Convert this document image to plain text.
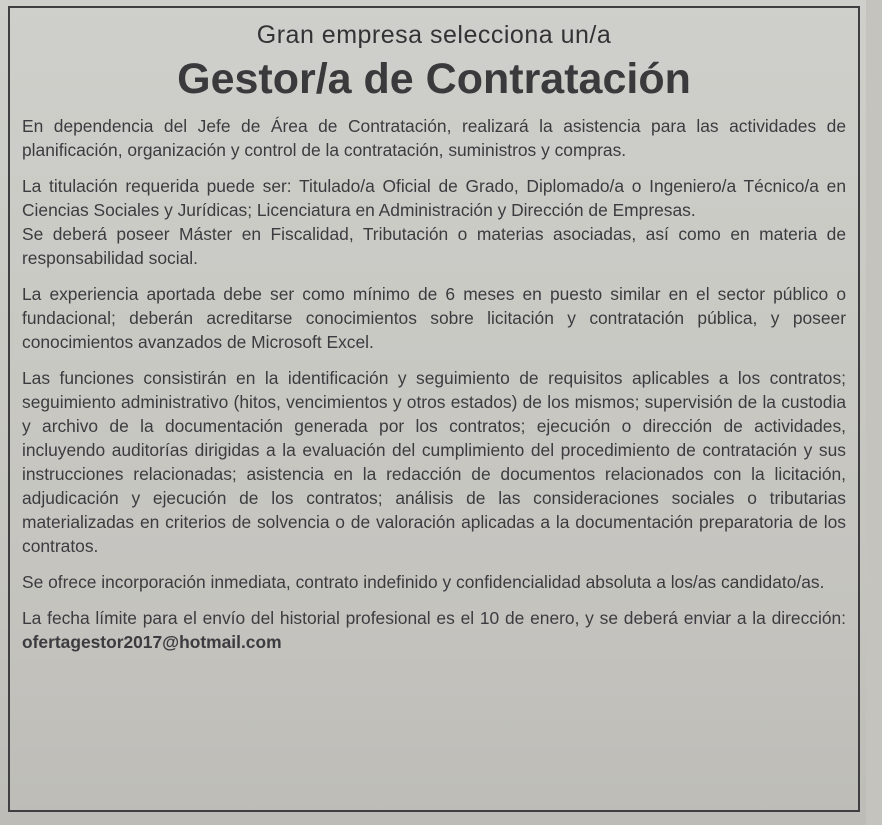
Gran empresa selecciona un/a

Gestor/a de Contratación

En dependencia del Jefe de Área de Contratación, realizará la asistencia para las actividades de planificación, organización y control de la contratación, suministros y compras.

La titulación requerida puede ser: Titulado/a Oficial de Grado, Diplomado/a o Ingeniero/a Técnico/a en Ciencias Sociales y Jurídicas; Licenciatura en Administración y Dirección de Empresas.
Se deberá poseer Máster en Fiscalidad, Tributación o materias asociadas, así como en materia de responsabilidad social.

La experiencia aportada debe ser como mínimo de 6 meses en puesto similar en el sector público o fundacional; deberán acreditarse conocimientos sobre licitación y contratación pública, y poseer conocimientos avanzados de Microsoft Excel.

Las funciones consistirán en la identificación y seguimiento de requisitos aplicables a los contratos; seguimiento administrativo (hitos, vencimientos y otros estados) de los mismos; supervisión de la custodia y archivo de la documentación generada por los contratos; ejecución o dirección de actividades, incluyendo auditorías dirigidas a la evaluación del cumplimiento del procedimiento de contratación y sus instrucciones relacionadas; asistencia en la redacción de documentos relacionados con la licitación, adjudicación y ejecución de los contratos; análisis de las consideraciones sociales o tributarias materializadas en criterios de solvencia o de valoración aplicadas a la documentación preparatoria de los contratos.

Se ofrece incorporación inmediata, contrato indefinido y confidencialidad absoluta a los/as candidato/as.

La fecha límite para el envío del historial profesional es el 10 de enero, y se deberá enviar a la dirección: ofertagestor2017@hotmail.com
